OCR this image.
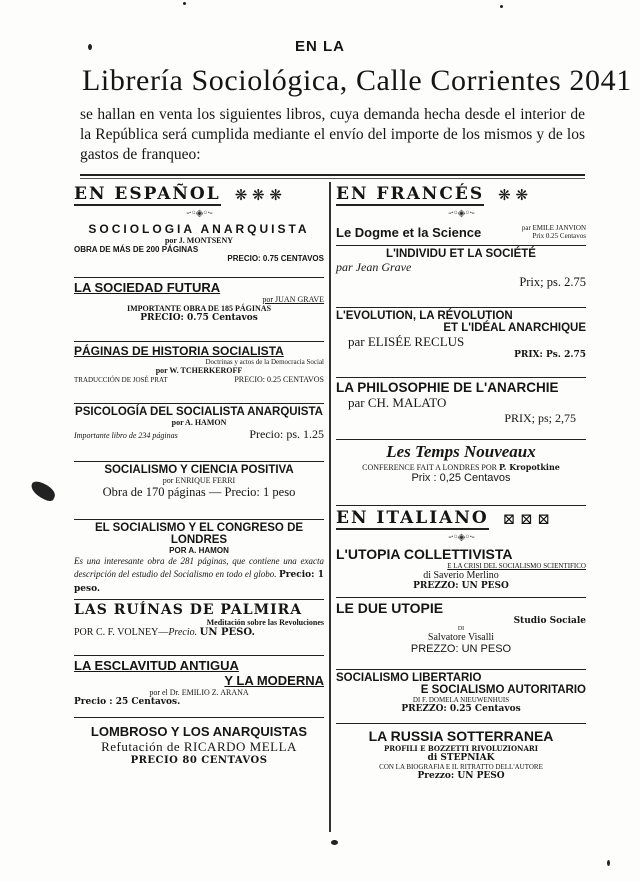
EN LA
Librería Sociológica, Calle Corrientes 2041
se hallan en venta los siguientes libros, cuya demanda hecha desde el interior de la República será cumplida mediante el envío del importe de los mismos y de los gastos de franqueo:
EN ESPAÑOL ❋ ❋ ❋
-·◦◈◦·-
SOCIOLOGIA ANARQUISTA
por J. MONTSENY
OBRA DE MÁS DE 200 PÁGINAS
PRECIO: 0.75 CENTAVOS
LA SOCIEDAD FUTURA
por JUAN GRAVE
IMPORTANTE OBRA DE 185 PÁGINAS
PRECIO: 0.75 Centavos
PÁGINAS DE HISTORIA SOCIALISTA
Doctrinas y actos de la Democracia Social
por W. TCHERKEROFF
TRADUCCIÓN DE JOSÉ PRAT	PRECIO: 0.25 CENTAVOS
PSICOLOGÍA DEL SOCIALISTA ANARQUISTA
por A. HAMON
Importante libro de 234 páginas	Precio: ps. 1.25
SOCIALISMO Y CIENCIA POSITIVA
por ENRIQUE FERRI
Obra de 170 páginas — Precio: 1 peso
EL SOCIALISMO Y EL CONGRESO DE LONDRES
POR A. HAMON
Es una interesante obra de 281 páginas, que contiene una exacta descripción del estudio del Socialismo en todo el globo. Precio: 1 peso.
LAS RUÍNAS DE PALMIRA
Meditación sobre las Revoluciones
POR C. F. VOLNEY—Precio. UN PESO.
LA ESCLAVITUD ANTIGUA
Y LA MODERNA
por el Dr. EMILIO Z. ARANA
Precio : 25 Centavos.
LOMBROSO Y LOS ANARQUISTAS
Refutación de RICARDO MELLA
PRECIO 80 CENTAVOS
EN FRANCÉS ❋ ❋
-·◦◈◦·-
Le Dogme et la Science	par EMILE JANVION
Prix 0.25 Centavos
L'INDIVIDU ET LA SOCIÉTÉ
par Jean Grave
Prix; ps. 2.75
L'EVOLUTION, LA RÉVOLUTION
ET L'IDÉAL ANARCHIQUE
par ELISÉE RECLUS
PRIX: Ps. 2.75
LA PHILOSOPHIE DE L'ANARCHIE
par CH. MALATO
PRIX; ps; 2,75
Les Temps Nouveaux
CONFERENCE FAIT A LONDRES POR P. Kropotkine
Prix : 0,25 Centavos
EN ITALIANO ⊠ ⊠ ⊠
-·◦◈◦·-
L'UTOPIA COLLETTIVISTA
E LA CRISI DEL SOCIALISMO SCIENTIFICO
di Saverio Merlino
PREZZO: UN PESO
LE DUE UTOPIE
Studio Sociale
DI
Salvatore Visalli
PREZZO: UN PESO
SOCIALISMO LIBERTARIO
E SOCIALISMO AUTORITARIO
DI F. DOMELA NIEUWENHUIS
PREZZO: 0.25 Centavos
LA RUSSIA SOTTERRANEA
PROFILI E BOZZETTI RIVOLUZIONARI
di STEPNIAK
CON LA BIOGRAFIA E IL RITRATTO DELL'AUTORE
Prezzo: UN PESO
